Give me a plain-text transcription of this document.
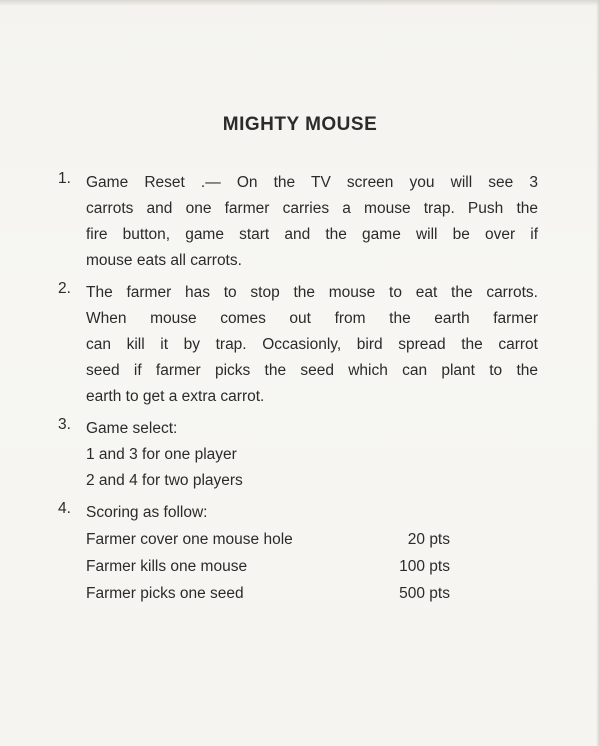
MIGHTY MOUSE
1. Game Reset .— On the TV screen you will see 3
carrots and one farmer carries a mouse trap. Push the
fire button, game start and the game will be over if
mouse eats all carrots.
2. The farmer has to stop the mouse to eat the carrots.
When mouse comes out from the earth farmer
can kill it by trap. Occasionly, bird spread the carrot
seed if farmer picks the seed which can plant to the
earth to get a extra carrot.
3. Game select:
1 and 3 for one player
2 and 4 for two players
4. Scoring as follow:
Farmer cover one mouse hole	20 pts
Farmer kills one mouse	100 pts
Farmer picks one seed	500 pts
